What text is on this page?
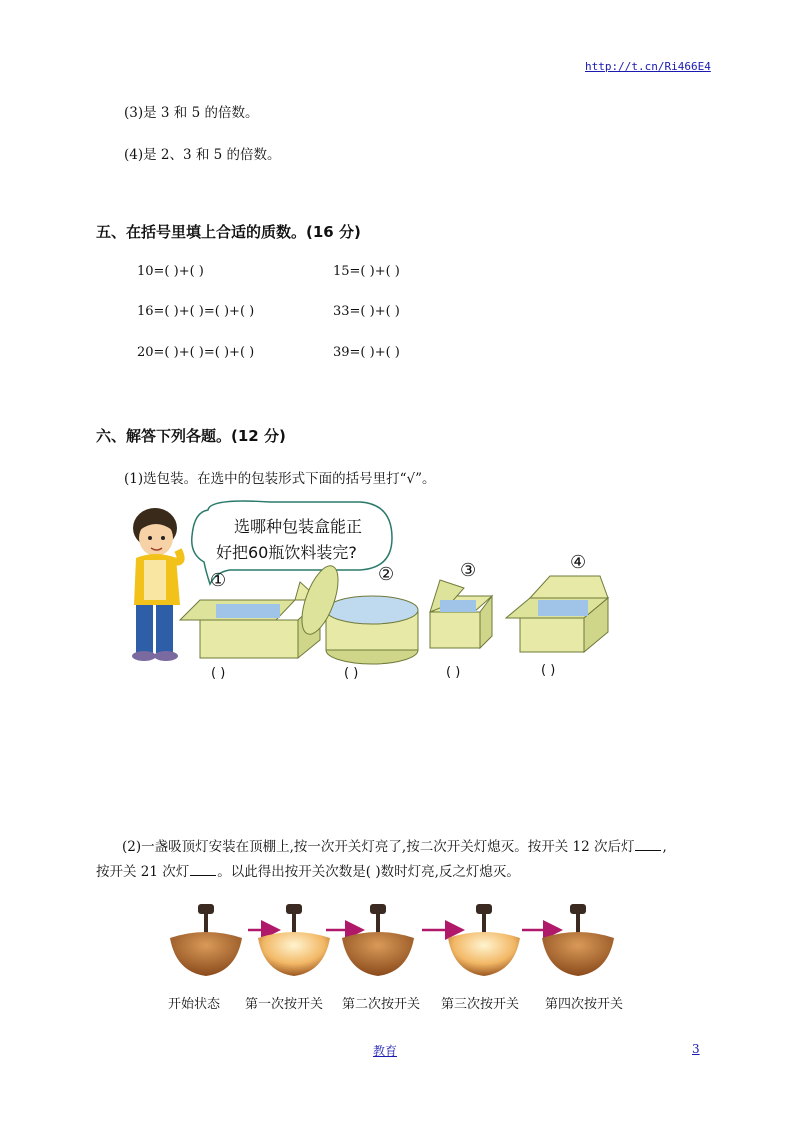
http://t.cn/Ri466E4
(3)是 3 和 5 的倍数。
(4)是 2、3 和 5 的倍数。
五、在括号里填上合适的质数。(16 分)
10=( )+( )	15=( )+( )
16=( )+( )=( )+( )	33=( )+( )
20=( )+( )=( )+( )	39=( )+( )
六、解答下列各题。(12 分)
(1)选包装。在选中的包装形式下面的括号里打“√”。
选哪种包装盒能正
好把60瓶饮料装完?
①	②	③	④
( )	( )	( )	( )
(2)一盏吸顶灯安装在顶棚上,按一次开关灯亮了,按二次开关灯熄灭。按开关 12 次后灯 ,
按开关 21 次灯 。以此得出按开关次数是( )数时灯亮,反之灯熄灭。
开始状态 第一次按开关 第二次按开关 第三次按开关 第四次按开关
教育	3
